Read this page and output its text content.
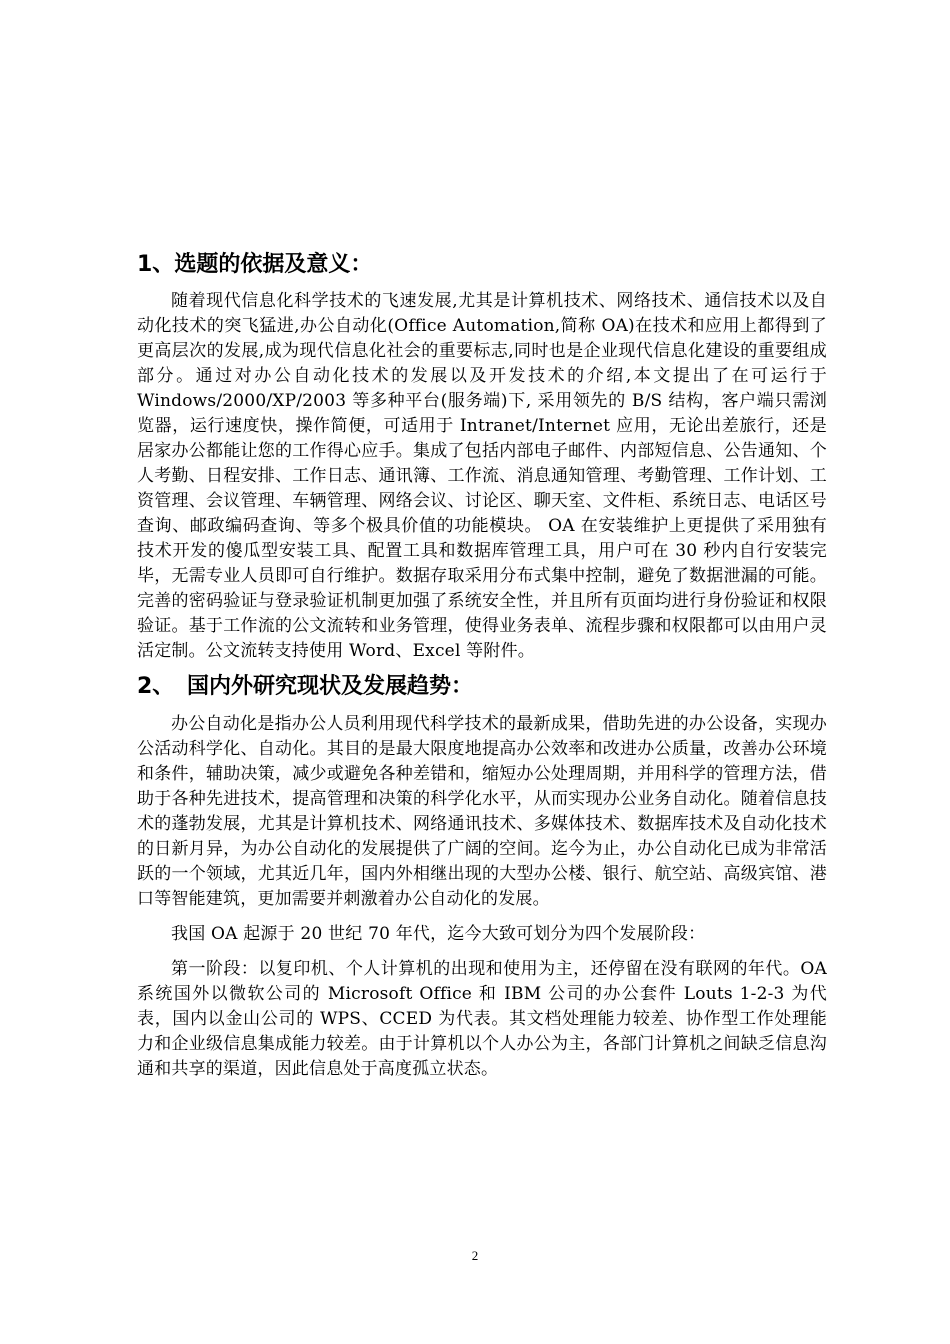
1、选题的依据及意义：

随着现代信息化科学技术的飞速发展,尤其是计算机技术、网络技术、通信技术以及自动化技术的突飞猛进,办公自动化(Office Automation,简称 OA)在技术和应用上都得到了更高层次的发展,成为现代信息化社会的重要标志,同时也是企业现代信息化建设的重要组成部分。通过对办公自动化技术的发展以及开发技术的介绍,本文提出了在可运行于 Windows/2000/XP/2003 等多种平台(服务端)下, 采用领先的 B/S 结构，客户端只需浏览器，运行速度快，操作简便，可适用于 Intranet/Internet 应用，无论出差旅行，还是居家办公都能让您的工作得心应手。集成了包括内部电子邮件、内部短信息、公告通知、个人考勤、日程安排、工作日志、通讯簿、工作流、消息通知管理、考勤管理、工作计划、工资管理、会议管理、车辆管理、网络会议、讨论区、聊天室、文件柜、系统日志、电话区号查询、邮政编码查询、等多个极具价值的功能模块。 OA 在安装维护上更提供了采用独有技术开发的傻瓜型安装工具、配置工具和数据库管理工具，用户可在 30 秒内自行安装完毕，无需专业人员即可自行维护。数据存取采用分布式集中控制，避免了数据泄漏的可能。完善的密码验证与登录验证机制更加强了系统安全性，并且所有页面均进行身份验证和权限验证。基于工作流的公文流转和业务管理，使得业务表单、流程步骤和权限都可以由用户灵活定制。公文流转支持使用 Word、Excel 等附件。

2、 国内外研究现状及发展趋势：

办公自动化是指办公人员利用现代科学技术的最新成果，借助先进的办公设备，实现办公活动科学化、自动化。其目的是最大限度地提高办公效率和改进办公质量，改善办公环境和条件，辅助决策，减少或避免各种差错和，缩短办公处理周期，并用科学的管理方法，借助于各种先进技术，提高管理和决策的科学化水平，从而实现办公业务自动化。随着信息技术的蓬勃发展，尤其是计算机技术、网络通讯技术、多媒体技术、数据库技术及自动化技术的日新月异，为办公自动化的发展提供了广阔的空间。迄今为止，办公自动化已成为非常活跃的一个领域，尤其近几年，国内外相继出现的大型办公楼、银行、航空站、高级宾馆、港口等智能建筑，更加需要并刺激着办公自动化的发展。

我国 OA 起源于 20 世纪 70 年代，迄今大致可划分为四个发展阶段：

第一阶段：以复印机、个人计算机的出现和使用为主，还停留在没有联网的年代。OA 系统国外以微软公司的 Microsoft Office 和 IBM 公司的办公套件 Louts 1-2-3 为代表，国内以金山公司的 WPS、CCED 为代表。其文档处理能力较差、协作型工作处理能力和企业级信息集成能力较差。由于计算机以个人办公为主，各部门计算机之间缺乏信息沟通和共享的渠道，因此信息处于高度孤立状态。

2
